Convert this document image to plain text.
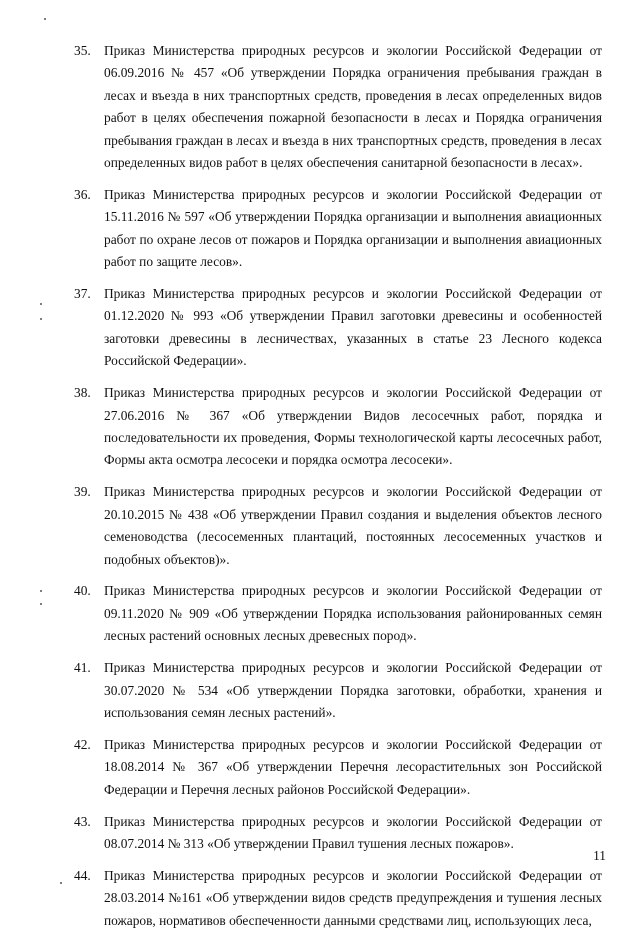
35. Приказ Министерства природных ресурсов и экологии Российской Федерации от 06.09.2016 № 457 «Об утверждении Порядка ограничения пребывания граждан в лесах и въезда в них транспортных средств, проведения в лесах определенных видов работ в целях обеспечения пожарной безопасности в лесах и Порядка ограничения пребывания граждан в лесах и въезда в них транспортных средств, проведения в лесах определенных видов работ в целях обеспечения санитарной безопасности в лесах».
36. Приказ Министерства природных ресурсов и экологии Российской Федерации от 15.11.2016 № 597 «Об утверждении Порядка организации и выполнения авиационных работ по охране лесов от пожаров и Порядка организации и выполнения авиационных работ по защите лесов».
37. Приказ Министерства природных ресурсов и экологии Российской Федерации от 01.12.2020 № 993 «Об утверждении Правил заготовки древесины и особенностей заготовки древесины в лесничествах, указанных в статье 23 Лесного кодекса Российской Федерации».
38. Приказ Министерства природных ресурсов и экологии Российской Федерации от 27.06.2016 № 367 «Об утверждении Видов лесосечных работ, порядка и последовательности их проведения, Формы технологической карты лесосечных работ, Формы акта осмотра лесосеки и порядка осмотра лесосеки».
39. Приказ Министерства природных ресурсов и экологии Российской Федерации от 20.10.2015 № 438 «Об утверждении Правил создания и выделения объектов лесного семеноводства (лесосеменных плантаций, постоянных лесосеменных участков и подобных объектов)».
40. Приказ Министерства природных ресурсов и экологии Российской Федерации от 09.11.2020 № 909 «Об утверждении Порядка использования районированных семян лесных растений основных лесных древесных пород».
41. Приказ Министерства природных ресурсов и экологии Российской Федерации от 30.07.2020 № 534 «Об утверждении Порядка заготовки, обработки, хранения и использования семян лесных растений».
42. Приказ Министерства природных ресурсов и экологии Российской Федерации от 18.08.2014 № 367 «Об утверждении Перечня лесорастительных зон Российской Федерации и Перечня лесных районов Российской Федерации».
43. Приказ Министерства природных ресурсов и экологии Российской Федерации от 08.07.2014 № 313 «Об утверждении Правил тушения лесных пожаров».
44. Приказ Министерства природных ресурсов и экологии Российской Федерации от 28.03.2014 №161 «Об утверждении видов средств предупреждения и тушения лесных пожаров, нормативов обеспеченности данными средствами лиц, использующих леса,
11
